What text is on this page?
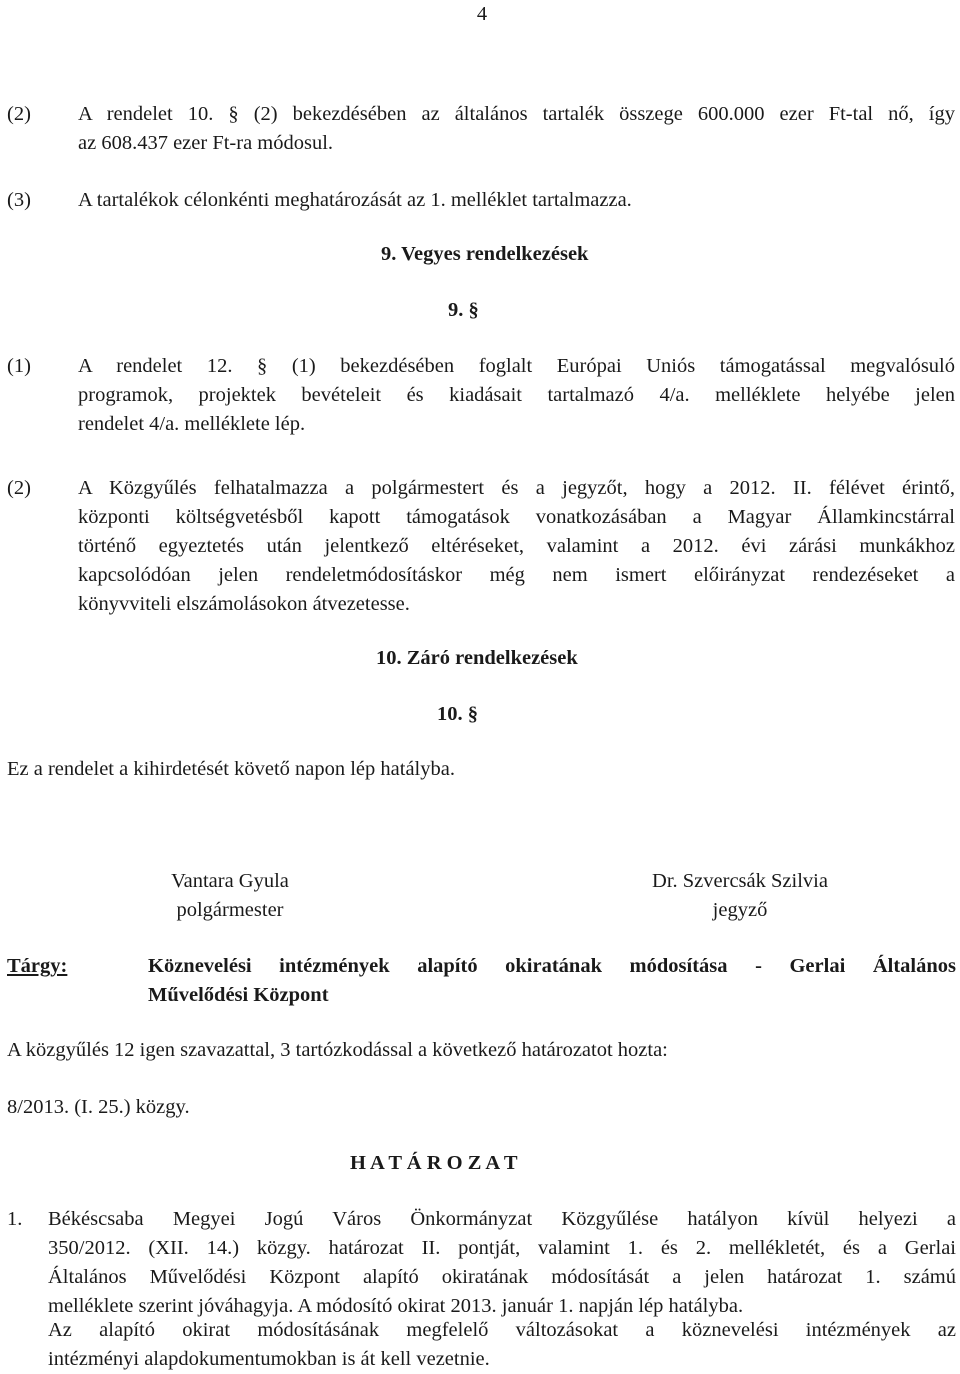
4
(2) A rendelet 10. § (2) bekezdésében az általános tartalék összege 600.000 ezer Ft-tal nő, így
az 608.437 ezer Ft-ra módosul.
(3) A tartalékok célonkénti meghatározását az 1. melléklet tartalmazza.
9. Vegyes rendelkezések
9. §
(1) A rendelet 12. § (1) bekezdésében foglalt Európai Uniós támogatással megvalósuló
programok, projektek bevételeit és kiadásait tartalmazó 4/a. melléklete helyébe jelen
rendelet 4/a. melléklete lép.
(2) A Közgyűlés felhatalmazza a polgármestert és a jegyzőt, hogy a 2012. II. félévet érintő,
központi költségvetésből kapott támogatások vonatkozásában a Magyar Államkincstárral
történő egyeztetés után jelentkező eltéréseket, valamint a 2012. évi zárási munkákhoz
kapcsolódóan jelen rendeletmódosításkor még nem ismert előirányzat rendezéseket a
könyvviteli elszámolásokon átvezetesse.
10. Záró rendelkezések
10. §
Ez a rendelet a kihirdetését követő napon lép hatályba.
Vantara Gyula
polgármester
Dr. Szvercsák Szilvia
jegyző
Tárgy:	Köznevelési intézmények alapító okiratának módosítása - Gerlai Általános
Művelődési Központ
A közgyűlés 12 igen szavazattal, 3 tartózkodással a következő határozatot hozta:
8/2013. (I. 25.) közgy.
H A T Á R O Z A T
1. Békéscsaba Megyei Jogú Város Önkormányzat Közgyűlése hatályon kívül helyezi a
350/2012. (XII. 14.) közgy. határozat II. pontját, valamint 1. és 2. mellékletét, és a Gerlai
Általános Művelődési Központ alapító okiratának módosítását a jelen határozat 1. számú
melléklete szerint jóváhagyja. A módosító okirat 2013. január 1. napján lép hatályba.
Az alapító okirat módosításának megfelelő változásokat a köznevelési intézmények az
intézményi alapdokumentumokban is át kell vezetnie.
